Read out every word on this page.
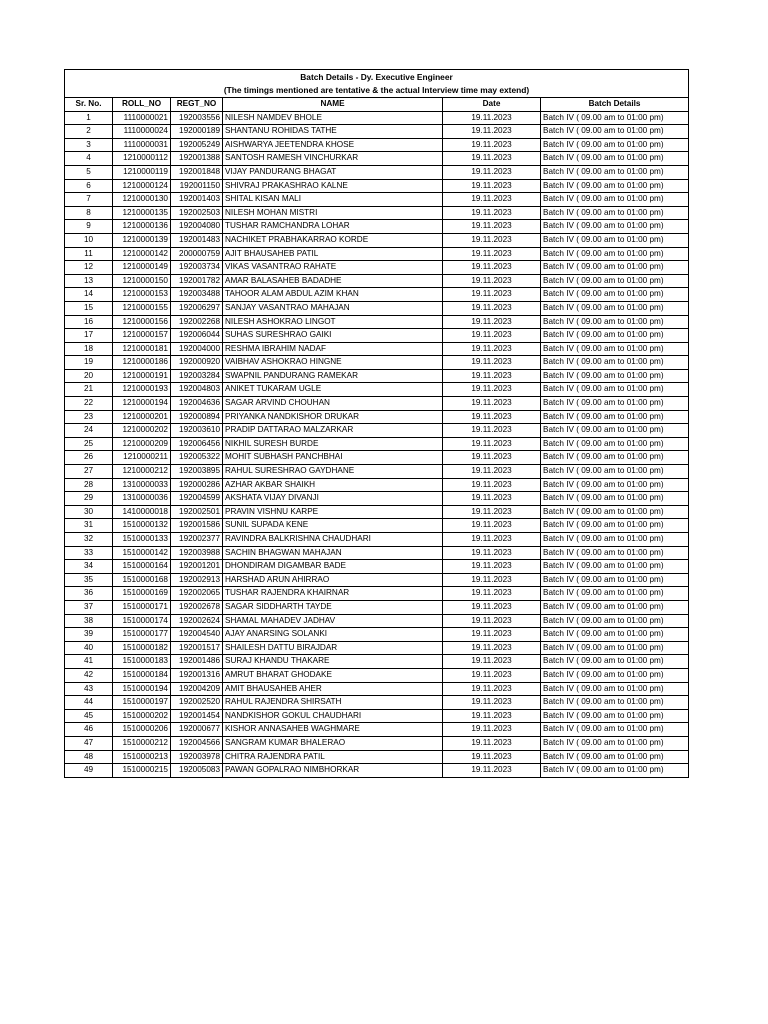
Batch Details - Dy. Executive Engineer					
(The timings mentioned are tentative & the actual Interview time may extend)					
Sr. No.	ROLL_NO	REGT_NO	NAME	Date	Batch Details
1	1110000021	192003556	NILESH NAMDEV BHOLE	19.11.2023	Batch IV ( 09.00 am to 01:00 pm)
2	1110000024	192000189	SHANTANU ROHIDAS TATHE	19.11.2023	Batch IV ( 09.00 am to 01:00 pm)
3	1110000031	192005249	AISHWARYA JEETENDRA KHOSE	19.11.2023	Batch IV ( 09.00 am to 01:00 pm)
4	1210000112	192001388	SANTOSH RAMESH VINCHURKAR	19.11.2023	Batch IV ( 09.00 am to 01:00 pm)
5	1210000119	192001848	VIJAY PANDURANG BHAGAT	19.11.2023	Batch IV ( 09.00 am to 01:00 pm)
6	1210000124	192001150	SHIVRAJ PRAKASHRAO KALNE	19.11.2023	Batch IV ( 09.00 am to 01:00 pm)
7	1210000130	192001403	SHITAL KISAN MALI	19.11.2023	Batch IV ( 09.00 am to 01:00 pm)
8	1210000135	192002503	NILESH MOHAN MISTRI	19.11.2023	Batch IV ( 09.00 am to 01:00 pm)
9	1210000136	192004080	TUSHAR RAMCHANDRA LOHAR	19.11.2023	Batch IV ( 09.00 am to 01:00 pm)
10	1210000139	192001483	NACHIKET PRABHAKARRAO KORDE	19.11.2023	Batch IV ( 09.00 am to 01:00 pm)
11	1210000142	200000759	AJIT BHAUSAHEB PATIL	19.11.2023	Batch IV ( 09.00 am to 01:00 pm)
12	1210000149	192003734	VIKAS VASANTRAO RAHATE	19.11.2023	Batch IV ( 09.00 am to 01:00 pm)
13	1210000150	192001782	AMAR BALASAHEB BADADHE	19.11.2023	Batch IV ( 09.00 am to 01:00 pm)
14	1210000153	192003488	TAHOOR ALAM ABDUL AZIM KHAN	19.11.2023	Batch IV ( 09.00 am to 01:00 pm)
15	1210000155	192006297	SANJAY VASANTRAO MAHAJAN	19.11.2023	Batch IV ( 09.00 am to 01:00 pm)
16	1210000156	192002268	NILESH ASHOKRAO LINGOT	19.11.2023	Batch IV ( 09.00 am to 01:00 pm)
17	1210000157	192006044	SUHAS SURESHRAO GAIKI	19.11.2023	Batch IV ( 09.00 am to 01:00 pm)
18	1210000181	192004000	RESHMA IBRAHIM NADAF	19.11.2023	Batch IV ( 09.00 am to 01:00 pm)
19	1210000186	192000920	VAIBHAV ASHOKRAO HINGNE	19.11.2023	Batch IV ( 09.00 am to 01:00 pm)
20	1210000191	192003284	SWAPNIL PANDURANG RAMEKAR	19.11.2023	Batch IV ( 09.00 am to 01:00 pm)
21	1210000193	192004803	ANIKET TUKARAM UGLE	19.11.2023	Batch IV ( 09.00 am to 01:00 pm)
22	1210000194	192004636	SAGAR ARVIND CHOUHAN	19.11.2023	Batch IV ( 09.00 am to 01:00 pm)
23	1210000201	192000894	PRIYANKA NANDKISHOR DRUKAR	19.11.2023	Batch IV ( 09.00 am to 01:00 pm)
24	1210000202	192003610	PRADIP DATTARAO MALZARKAR	19.11.2023	Batch IV ( 09.00 am to 01:00 pm)
25	1210000209	192006456	NIKHIL SURESH BURDE	19.11.2023	Batch IV ( 09.00 am to 01:00 pm)
26	1210000211	192005322	MOHIT SUBHASH PANCHBHAI	19.11.2023	Batch IV ( 09.00 am to 01:00 pm)
27	1210000212	192003895	RAHUL SURESHRAO GAYDHANE	19.11.2023	Batch IV ( 09.00 am to 01:00 pm)
28	1310000033	192000286	AZHAR AKBAR SHAIKH	19.11.2023	Batch IV ( 09.00 am to 01:00 pm)
29	1310000036	192004599	AKSHATA VIJAY DIVANJI	19.11.2023	Batch IV ( 09.00 am to 01:00 pm)
30	1410000018	192002501	PRAVIN VISHNU KARPE	19.11.2023	Batch IV ( 09.00 am to 01:00 pm)
31	1510000132	192001586	SUNIL SUPADA KENE	19.11.2023	Batch IV ( 09.00 am to 01:00 pm)
32	1510000133	192002377	RAVINDRA BALKRISHNA CHAUDHARI	19.11.2023	Batch IV ( 09.00 am to 01:00 pm)
33	1510000142	192003988	SACHIN BHAGWAN MAHAJAN	19.11.2023	Batch IV ( 09.00 am to 01:00 pm)
34	1510000164	192001201	DHONDIRAM DIGAMBAR BADE	19.11.2023	Batch IV ( 09.00 am to 01:00 pm)
35	1510000168	192002913	HARSHAD ARUN AHIRRAO	19.11.2023	Batch IV ( 09.00 am to 01:00 pm)
36	1510000169	192002065	TUSHAR RAJENDRA KHAIRNAR	19.11.2023	Batch IV ( 09.00 am to 01:00 pm)
37	1510000171	192002678	SAGAR SIDDHARTH TAYDE	19.11.2023	Batch IV ( 09.00 am to 01:00 pm)
38	1510000174	192002624	SHAMAL MAHADEV JADHAV	19.11.2023	Batch IV ( 09.00 am to 01:00 pm)
39	1510000177	192004540	AJAY ANARSING SOLANKI	19.11.2023	Batch IV ( 09.00 am to 01:00 pm)
40	1510000182	192001517	SHAILESH DATTU BIRAJDAR	19.11.2023	Batch IV ( 09.00 am to 01:00 pm)
41	1510000183	192001486	SURAJ KHANDU THAKARE	19.11.2023	Batch IV ( 09.00 am to 01:00 pm)
42	1510000184	192001316	AMRUT BHARAT GHODAKE	19.11.2023	Batch IV ( 09.00 am to 01:00 pm)
43	1510000194	192004209	AMIT BHAUSAHEB AHER	19.11.2023	Batch IV ( 09.00 am to 01:00 pm)
44	1510000197	192002520	RAHUL RAJENDRA SHIRSATH	19.11.2023	Batch IV ( 09.00 am to 01:00 pm)
45	1510000202	192001454	NANDKISHOR GOKUL CHAUDHARI	19.11.2023	Batch IV ( 09.00 am to 01:00 pm)
46	1510000206	192000677	KISHOR ANNASAHEB WAGHMARE	19.11.2023	Batch IV ( 09.00 am to 01:00 pm)
47	1510000212	192004566	SANGRAM KUMAR BHALERAO	19.11.2023	Batch IV ( 09.00 am to 01:00 pm)
48	1510000213	192003978	CHITRA RAJENDRA PATIL	19.11.2023	Batch IV ( 09.00 am to 01:00 pm)
49	1510000215	192005083	PAWAN GOPALRAO NIMBHORKAR	19.11.2023	Batch IV ( 09.00 am to 01:00 pm)
